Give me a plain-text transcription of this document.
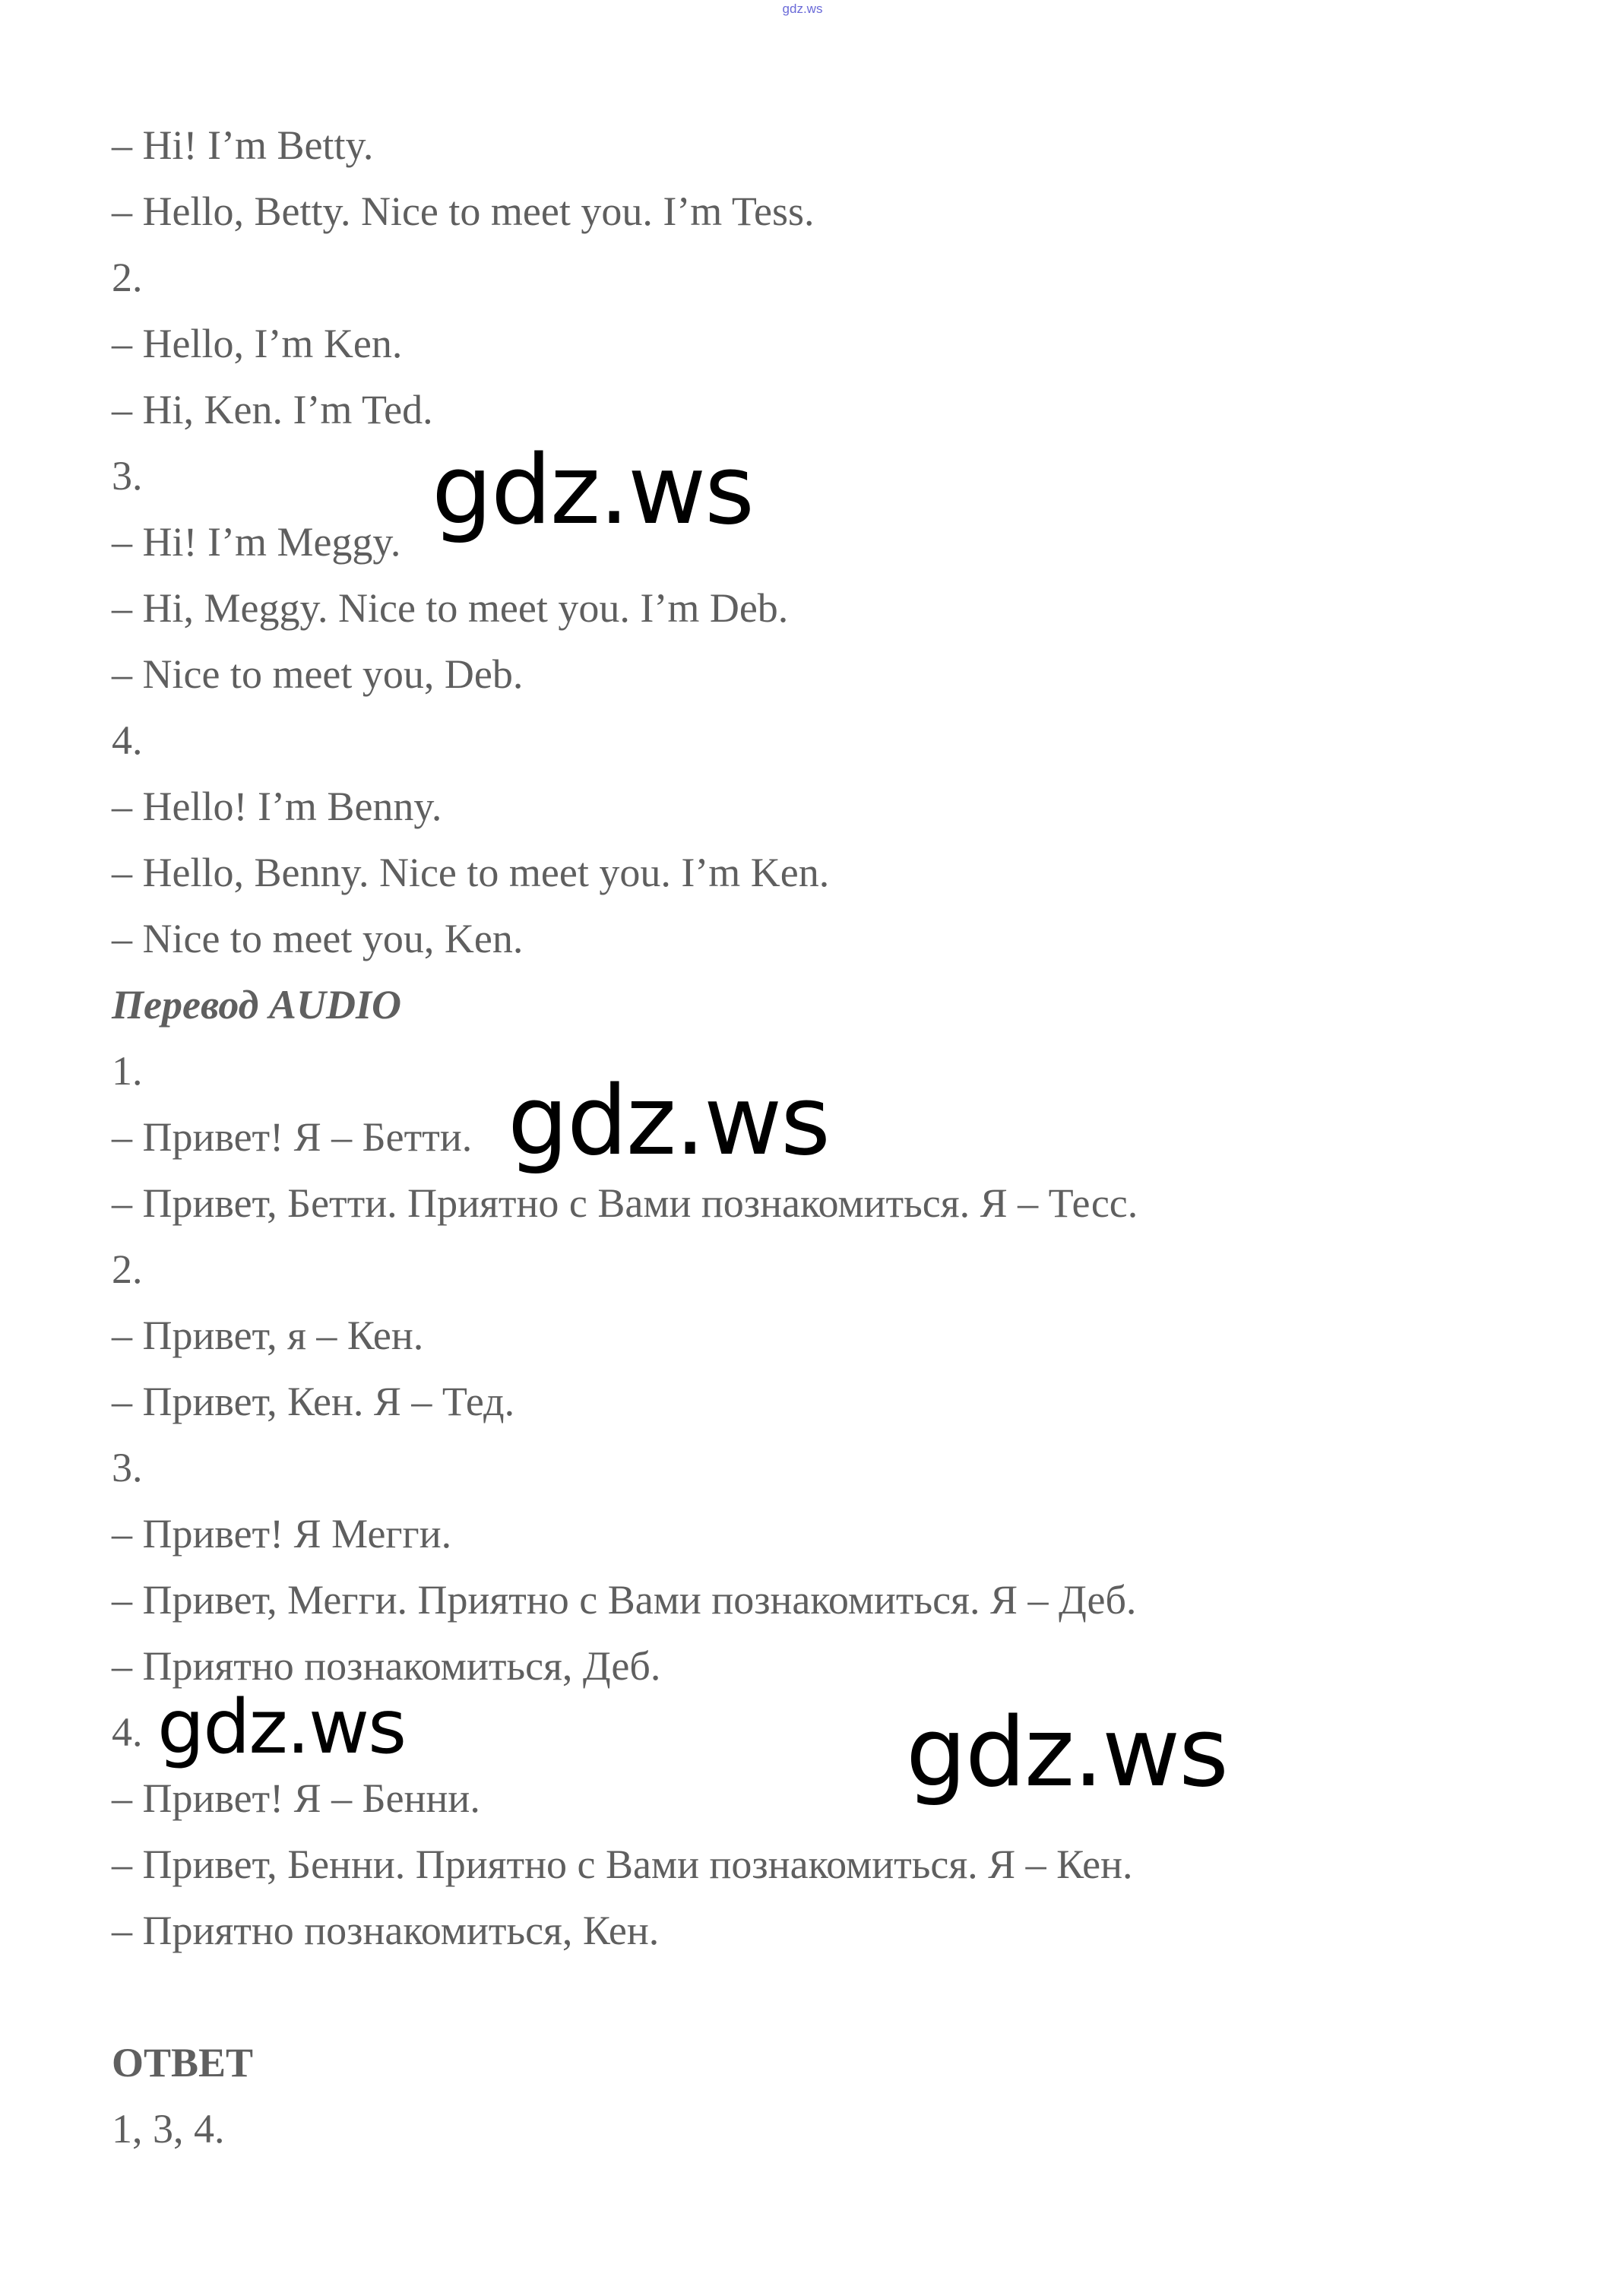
gdz.ws
– Hi! I’m Betty.
– Hello, Betty. Nice to meet you. I’m Tess.
2.
– Hello, I’m Ken.
– Hi, Ken. I’m Ted.
3.
– Hi! I’m Meggy.
– Hi, Meggy. Nice to meet you. I’m Deb.
– Nice to meet you, Deb.
4.
– Hello! I’m Benny.
– Hello, Benny. Nice to meet you. I’m Ken.
– Nice to meet you, Ken.
Перевод AUDIO
1.
– Привет! Я – Бетти.
– Привет, Бетти. Приятно с Вами познакомиться. Я – Тесс.
2.
– Привет, я – Кен.
– Привет, Кен. Я – Тед.
3.
– Привет! Я Мегги.
– Привет, Мегги. Приятно с Вами познакомиться. Я – Деб.
– Приятно познакомиться, Деб.
4.
– Привет! Я – Бенни.
– Привет, Бенни. Приятно с Вами познакомиться. Я – Кен.
– Приятно познакомиться, Кен.
ОТВЕТ
1, 3, 4.
gdz.ws
gdz.ws
gdz.ws
gdz.ws
